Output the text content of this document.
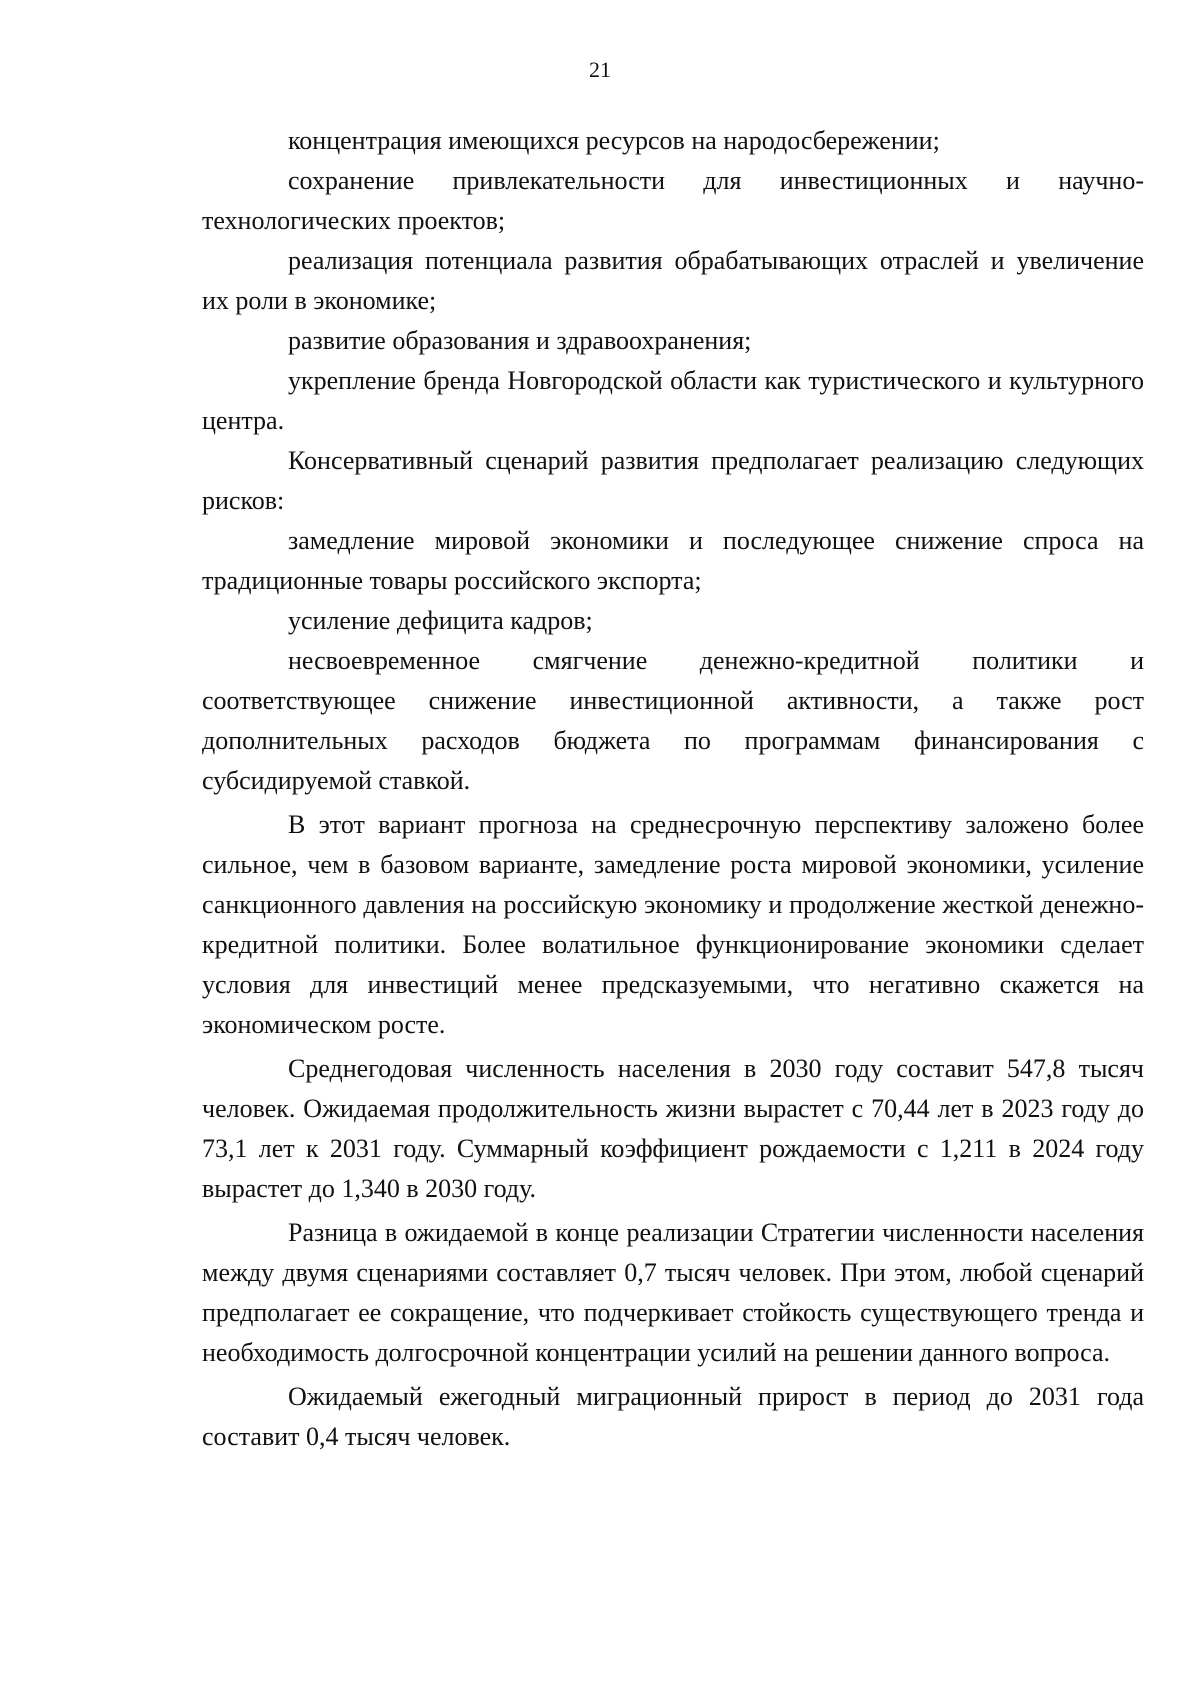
21

концентрация имеющихся ресурсов на народосбережении;

сохранение привлекательности для инвестиционных и научно-технологических проектов;

реализация потенциала развития обрабатывающих отраслей и увеличение их роли в экономике;

развитие образования и здравоохранения;

укрепление бренда Новгородской области как туристического и культурного центра.

Консервативный сценарий развития предполагает реализацию следующих рисков:

замедление мировой экономики и последующее снижение спроса на традиционные товары российского экспорта;

усиление дефицита кадров;

несвоевременное смягчение денежно-кредитной политики и соответствующее снижение инвестиционной активности, а также рост дополнительных расходов бюджета по программам финансирования с субсидируемой ставкой.

В этот вариант прогноза на среднесрочную перспективу заложено более сильное, чем в базовом варианте, замедление роста мировой экономики, усиление санкционного давления на российскую экономику и продолжение жесткой денежно-кредитной политики. Более волатильное функционирование экономики сделает условия для инвестиций менее предсказуемыми, что негативно скажется на экономическом росте.

Среднегодовая численность населения в 2030 году составит 547,8 тысяч человек. Ожидаемая продолжительность жизни вырастет с 70,44 лет в 2023 году до 73,1 лет к 2031 году. Суммарный коэффициент рождаемости с 1,211 в 2024 году вырастет до 1,340 в 2030 году.

Разница в ожидаемой в конце реализации Стратегии численности населения между двумя сценариями составляет 0,7 тысяч человек. При этом, любой сценарий предполагает ее сокращение, что подчеркивает стойкость существующего тренда и необходимость долгосрочной концентрации усилий на решении данного вопроса.

Ожидаемый ежегодный миграционный прирост в период до 2031 года составит 0,4 тысяч человек.
